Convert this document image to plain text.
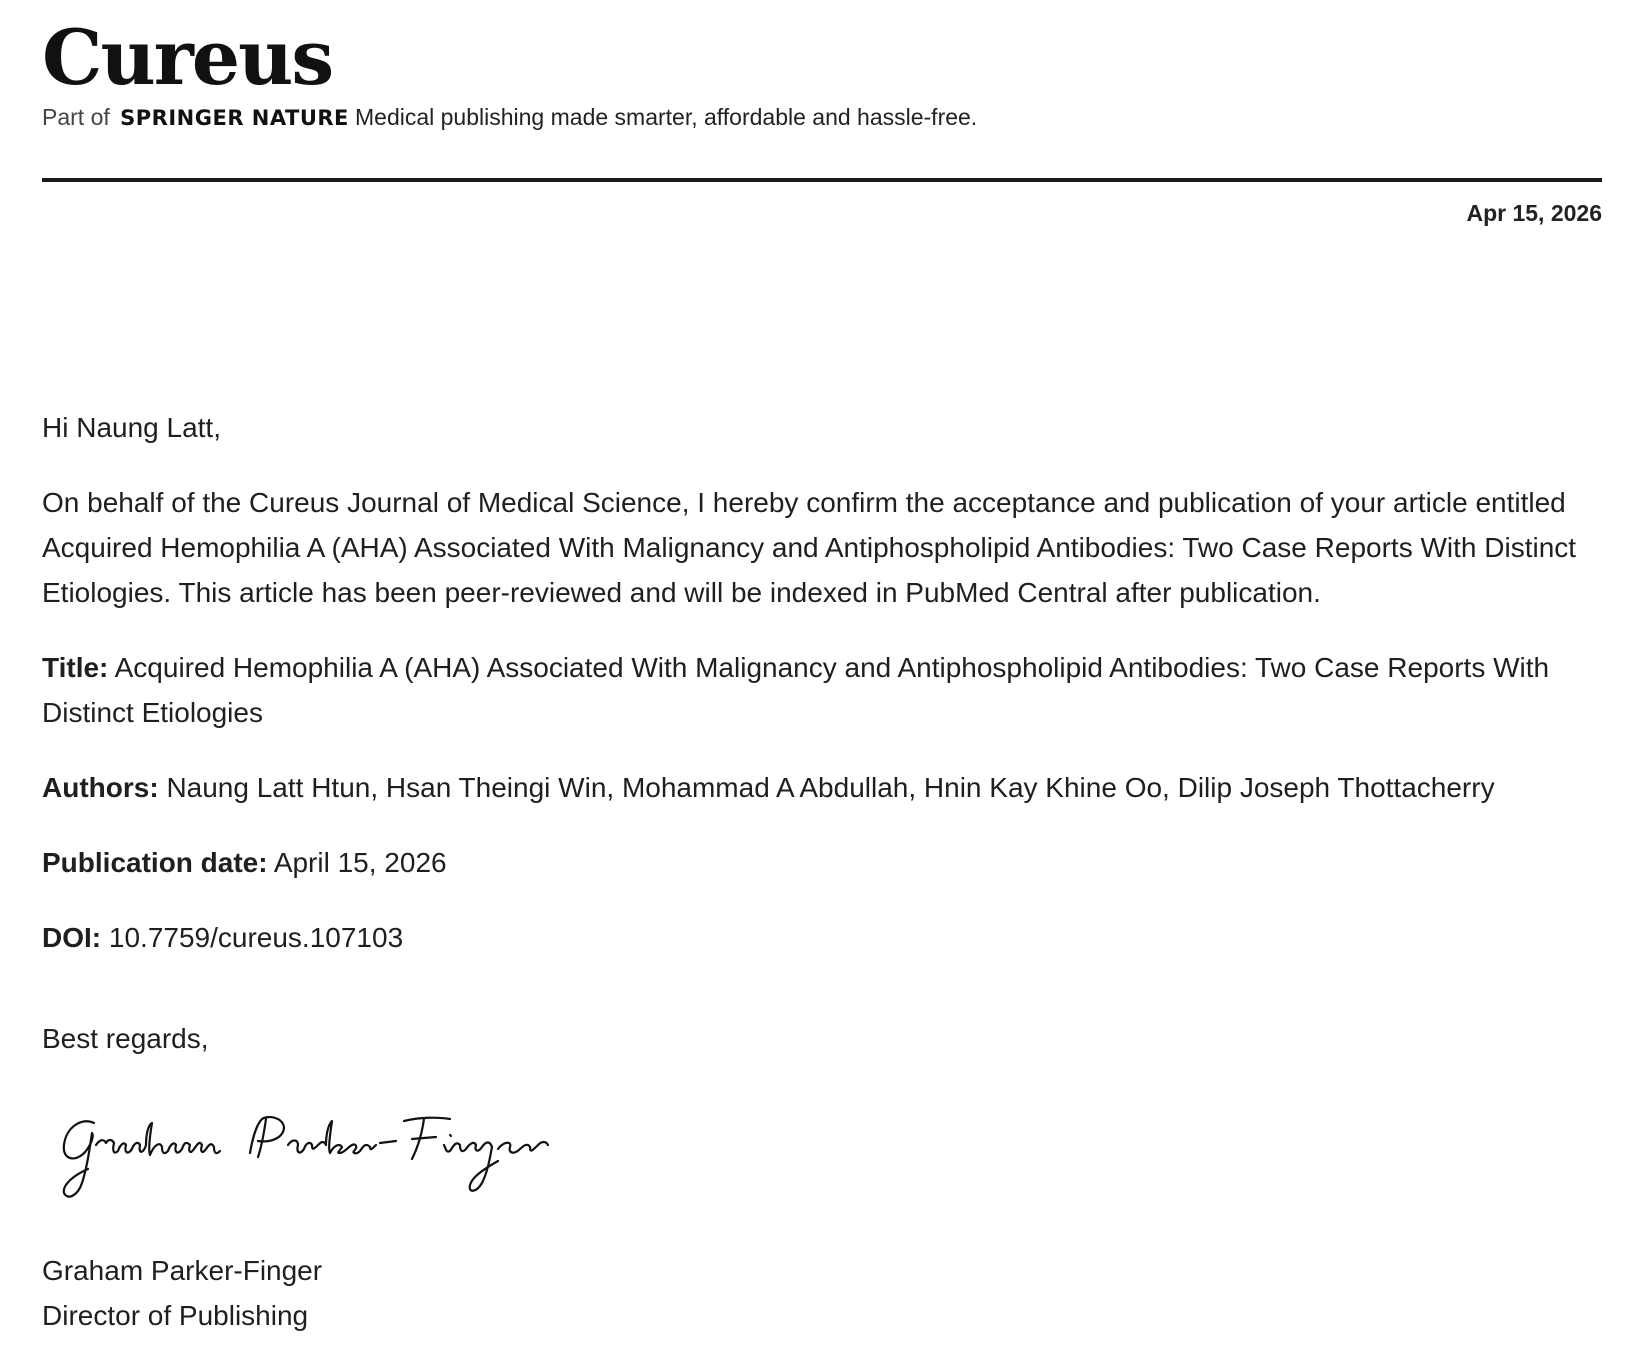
Cureus
Part of SPRINGER NATURE Medical publishing made smarter, affordable and hassle-free.
Apr 15, 2026

Hi Naung Latt,

On behalf of the Cureus Journal of Medical Science, I hereby confirm the acceptance and publication of your article entitled Acquired Hemophilia A (AHA) Associated With Malignancy and Antiphospholipid Antibodies: Two Case Reports With Distinct Etiologies. This article has been peer-reviewed and will be indexed in PubMed Central after publication.

Title: Acquired Hemophilia A (AHA) Associated With Malignancy and Antiphospholipid Antibodies: Two Case Reports With Distinct Etiologies

Authors: Naung Latt Htun, Hsan Theingi Win, Mohammad A Abdullah, Hnin Kay Khine Oo, Dilip Joseph Thottacherry

Publication date: April 15, 2026

DOI: 10.7759/cureus.107103

Best regards,
Graham Parker-Finger
Director of Publishing
